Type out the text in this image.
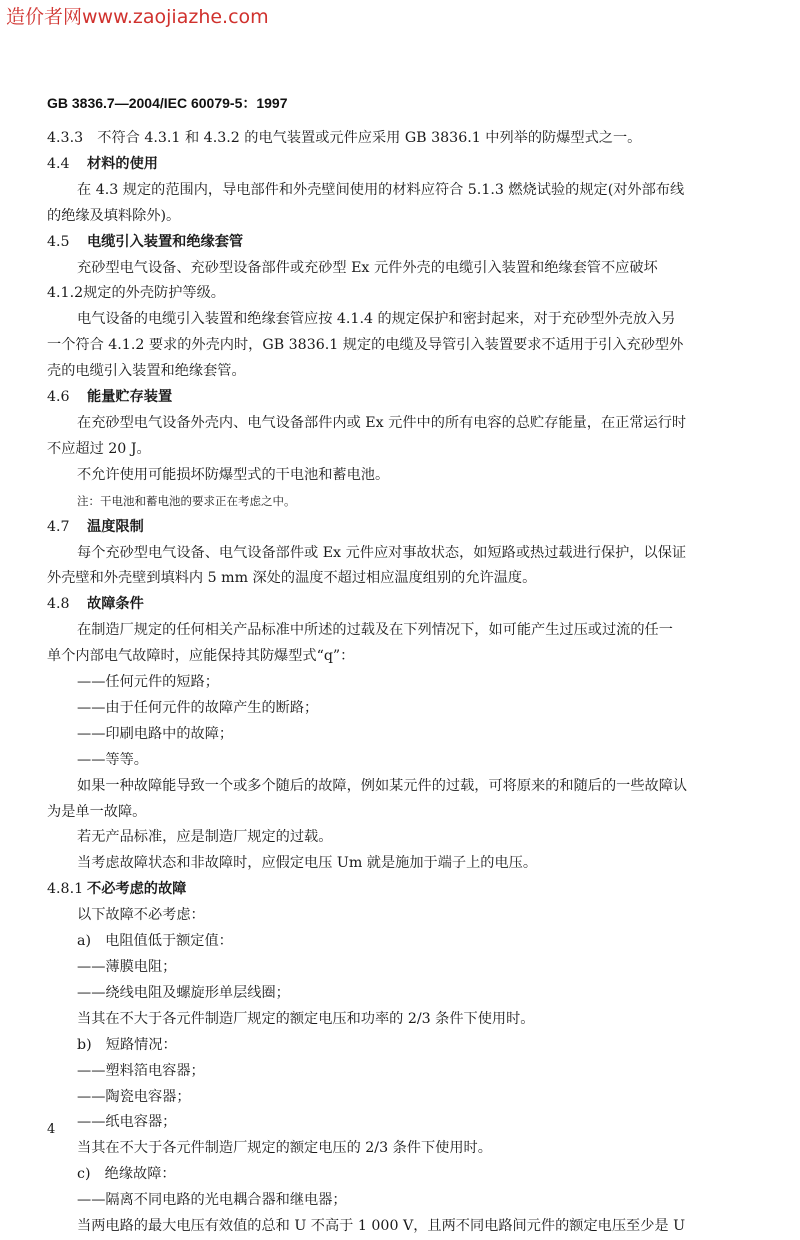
造价者网www.zaojiazhe.com
GB 3836.7—2004/IEC 60079-5：1997
4.3.3　不符合 4.3.1 和 4.3.2 的电气装置或元件应采用 GB 3836.1 中列举的防爆型式之一。
4.4 材料的使用
在 4.3 规定的范围内，导电部件和外壳壁间使用的材料应符合 5.1.3 燃烧试验的规定(对外部布线
的绝缘及填料除外)。
4.5 电缆引入装置和绝缘套管
充砂型电气设备、充砂型设备部件或充砂型 Ex 元件外壳的电缆引入装置和绝缘套管不应破坏
4.1.2规定的外壳防护等级。
电气设备的电缆引入装置和绝缘套管应按 4.1.4 的规定保护和密封起来，对于充砂型外壳放入另
一个符合 4.1.2 要求的外壳内时，GB 3836.1 规定的电缆及导管引入装置要求不适用于引入充砂型外
壳的电缆引入装置和绝缘套管。
4.6 能量贮存装置
在充砂型电气设备外壳内、电气设备部件内或 Ex 元件中的所有电容的总贮存能量，在正常运行时
不应超过 20 J。
不允许使用可能损坏防爆型式的干电池和蓄电池。
注：干电池和蓄电池的要求正在考虑之中。
4.7 温度限制
每个充砂型电气设备、电气设备部件或 Ex 元件应对事故状态，如短路或热过载进行保护，以保证
外壳壁和外壳壁到填料内 5 mm 深处的温度不超过相应温度组别的允许温度。
4.8 故障条件
在制造厂规定的任何相关产品标准中所述的过载及在下列情况下，如可能产生过压或过流的任一
单个内部电气故障时，应能保持其防爆型式“q”：
——任何元件的短路；
——由于任何元件的故障产生的断路；
——印刷电路中的故障；
——等等。
如果一种故障能导致一个或多个随后的故障，例如某元件的过载，可将原来的和随后的一些故障认
为是单一故障。
若无产品标准，应是制造厂规定的过载。
当考虑故障状态和非故障时，应假定电压 Um 就是施加于端子上的电压。
4.8.1 不必考虑的故障
以下故障不必考虑：
a)　电阻值低于额定值：
——薄膜电阻；
——绕线电阻及螺旋形单层线圈；
当其在不大于各元件制造厂规定的额定电压和功率的 2/3 条件下使用时。
b)　短路情况：
——塑料箔电容器；
——陶瓷电容器；
——纸电容器；
当其在不大于各元件制造厂规定的额定电压的 2/3 条件下使用时。
c)　绝缘故障：
——隔离不同电路的光电耦合器和继电器；
当两电路的最大电压有效值的总和 U 不高于 1 000 V，且两不同电路间元件的额定电压至少是 U
4
